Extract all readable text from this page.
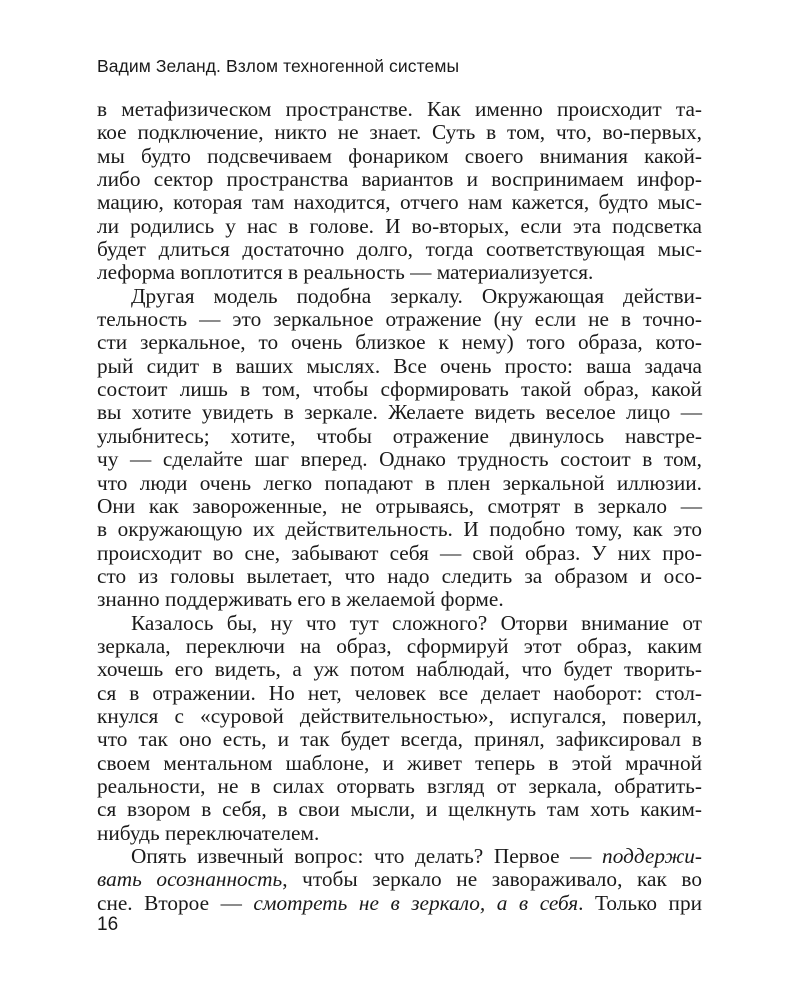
Вадим Зеланд. Взлом техногенной системы
в метафизическом пространстве. Как именно происходит та-
кое подключение, никто не знает. Суть в том, что, во-первых,
мы будто подсвечиваем фонариком своего внимания какой-
либо сектор пространства вариантов и воспринимаем инфор-
мацию, которая там находится, отчего нам кажется, будто мыс-
ли родились у нас в голове. И во-вторых, если эта подсветка
будет длиться достаточно долго, тогда соответствующая мыс-
леформа воплотится в реальность — материализуется.
Другая модель подобна зеркалу. Окружающая действи-
тельность — это зеркальное отражение (ну если не в точно-
сти зеркальное, то очень близкое к нему) того образа, кото-
рый сидит в ваших мыслях. Все очень просто: ваша задача
состоит лишь в том, чтобы сформировать такой образ, какой
вы хотите увидеть в зеркале. Желаете видеть веселое лицо —
улыбнитесь; хотите, чтобы отражение двинулось навстре-
чу — сделайте шаг вперед. Однако трудность состоит в том,
что люди очень легко попадают в плен зеркальной иллюзии.
Они как завороженные, не отрываясь, смотрят в зеркало —
в окружающую их действительность. И подобно тому, как это
происходит во сне, забывают себя — свой образ. У них про-
сто из головы вылетает, что надо следить за образом и осо-
знанно поддерживать его в желаемой форме.
Казалось бы, ну что тут сложного? Оторви внимание от
зеркала, переключи на образ, сформируй этот образ, каким
хочешь его видеть, а уж потом наблюдай, что будет творить-
ся в отражении. Но нет, человек все делает наоборот: стол-
кнулся с «суровой действительностью», испугался, поверил,
что так оно есть, и так будет всегда, принял, зафиксировал в
своем ментальном шаблоне, и живет теперь в этой мрачной
реальности, не в силах оторвать взгляд от зеркала, обратить-
ся взором в себя, в свои мысли, и щелкнуть там хоть каким-
нибудь переключателем.
Опять извечный вопрос: что делать? Первое — поддержи-
вать осознанность, чтобы зеркало не завораживало, как во
сне. Второе — смотреть не в зеркало, а в себя. Только при
16
